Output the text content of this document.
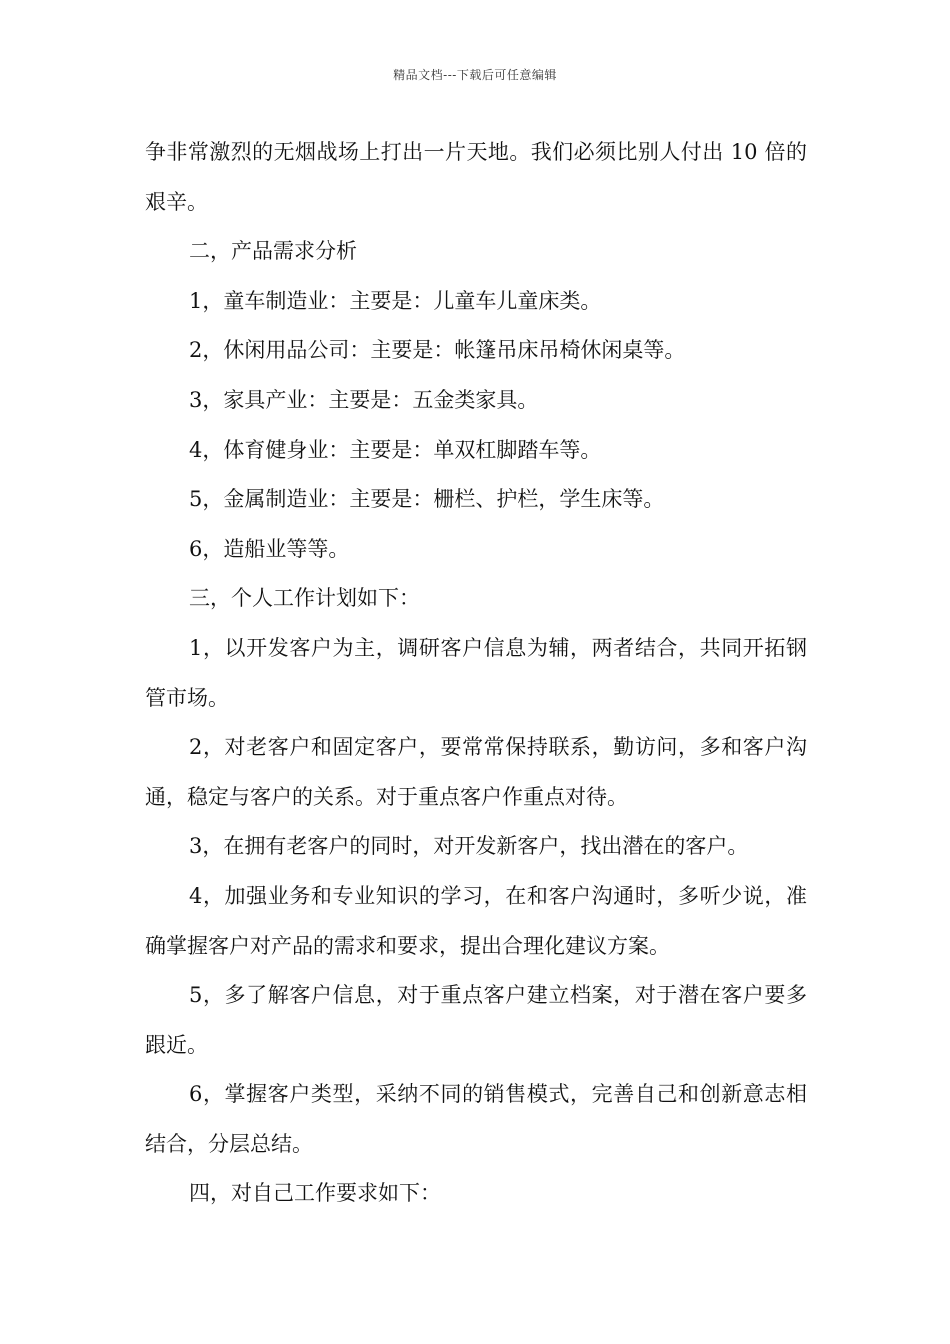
精品文档---下载后可任意编辑

争非常激烈的无烟战场上打出一片天地。我们必须比别人付出 10 倍的艰辛。

二，产品需求分析

1，童车制造业：主要是：儿童车儿童床类。

2，休闲用品公司：主要是：帐篷吊床吊椅休闲桌等。

3，家具产业：主要是：五金类家具。

4，体育健身业：主要是：单双杠脚踏车等。

5，金属制造业：主要是：栅栏、护栏，学生床等。

6，造船业等等。

三，个人工作计划如下：

1，以开发客户为主，调研客户信息为辅，两者结合，共同开拓钢管市场。

2，对老客户和固定客户，要常常保持联系，勤访问，多和客户沟通，稳定与客户的关系。对于重点客户作重点对待。

3，在拥有老客户的同时，对开发新客户，找出潜在的客户。

4，加强业务和专业知识的学习，在和客户沟通时，多听少说，准确掌握客户对产品的需求和要求，提出合理化建议方案。

5，多了解客户信息，对于重点客户建立档案，对于潜在客户要多跟近。

6，掌握客户类型，采纳不同的销售模式，完善自己和创新意志相结合，分层总结。

四，对自己工作要求如下：
